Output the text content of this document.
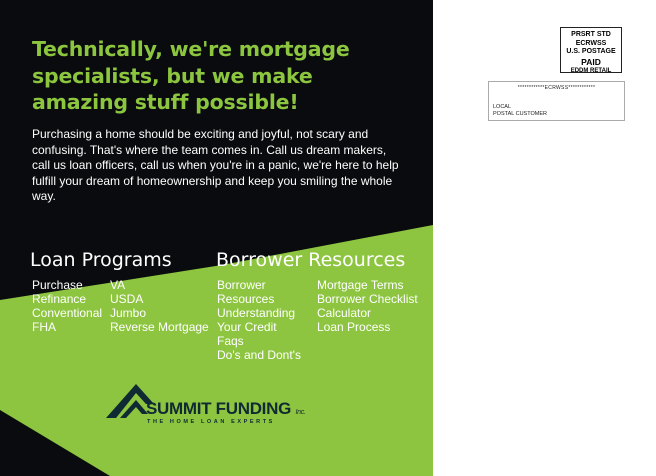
Technically, we're mortgage
specialists, but we make
amazing stuff possible!

Purchasing a home should be exciting and joyful, not scary and confusing. That's where the team comes in. Call us dream makers, call us loan officers, call us when you're in a panic, we're here to help fulfill your dream of homeownership and keep you smiling the whole way.

Loan Programs
Purchase
Refinance
Conventional
FHA
VA
USDA
Jumbo
Reverse Mortgage
Borrower Resources
Borrower
Resources
Understanding
Your Credit
Faqs
Do's and Dont's
Mortgage Terms
Borrower Checklist
Calculator
Loan Process
SUMMIT FUNDING Inc.
THE HOME LOAN EXPERTS
PRSRT STD
ECRWSS
U.S. POSTAGE
PAID
EDDM RETAIL
************ECRWSS************
LOCAL
POSTAL CUSTOMER
